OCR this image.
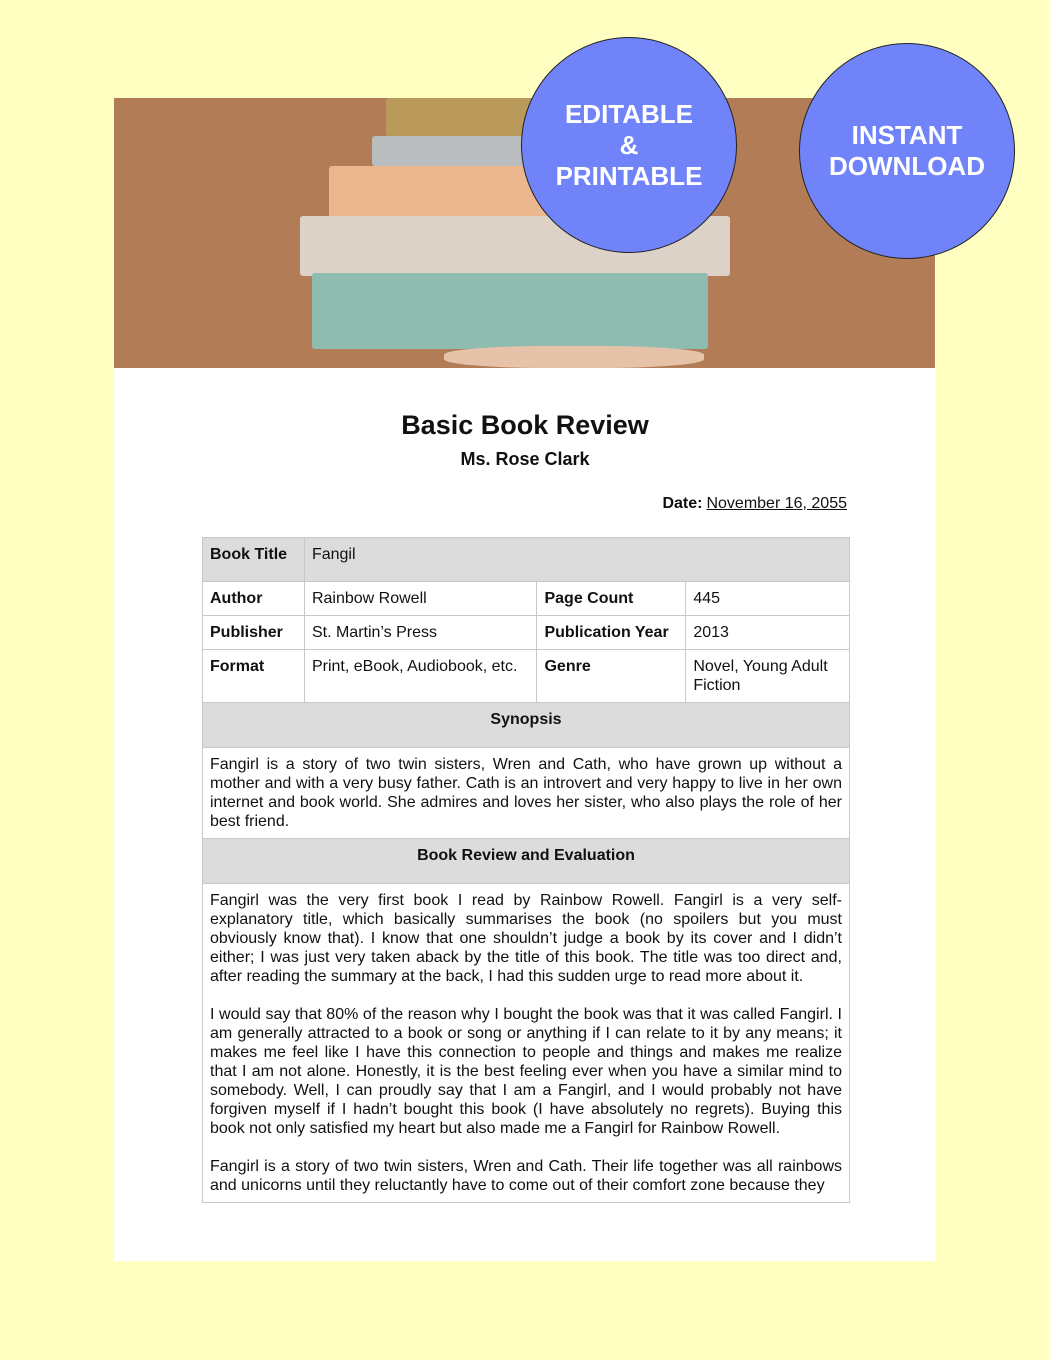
EDITABLE & PRINTABLE
INSTANT DOWNLOAD
Basic Book Review
Ms. Rose Clark
Date: November 16, 2055
Book Title	Fangil		
Author	Rainbow Rowell	Page Count	445
Publisher	St. Martin’s Press	Publication Year	2013
Format	Print, eBook, Audiobook, etc.	Genre	Novel, Young Adult Fiction
Synopsis			
Fangirl is a story of two twin sisters, Wren and Cath, who have grown up without a mother and with a very busy father. Cath is an introvert and very happy to live in her own internet and book world. She admires and loves her sister, who also plays the role of her best friend.			
Book Review and Evaluation			

Fangirl was the very first book I read by Rainbow Rowell. Fangirl is a very self-explanatory title, which basically summarises the book (no spoilers but you must obviously know that). I know that one shouldn’t judge a book by its cover and I didn’t either; I was just very taken aback by the title of this book. The title was too direct and, after reading the summary at the back, I had this sudden urge to read more about it.

I would say that 80% of the reason why I bought the book was that it was called Fangirl. I am generally attracted to a book or song or anything if I can relate to it by any means; it makes me feel like I have this connection to people and things and makes me realize that I am not alone. Honestly, it is the best feeling ever when you have a similar mind to somebody. Well, I can proudly say that I am a Fangirl, and I would probably not have forgiven myself if I hadn’t bought this book (I have absolutely no regrets). Buying this book not only satisfied my heart but also made me a Fangirl for Rainbow Rowell.

Fangirl is a story of two twin sisters, Wren and Cath. Their life together was all rainbows and unicorns until they reluctantly have to come out of their comfort zone because they			
